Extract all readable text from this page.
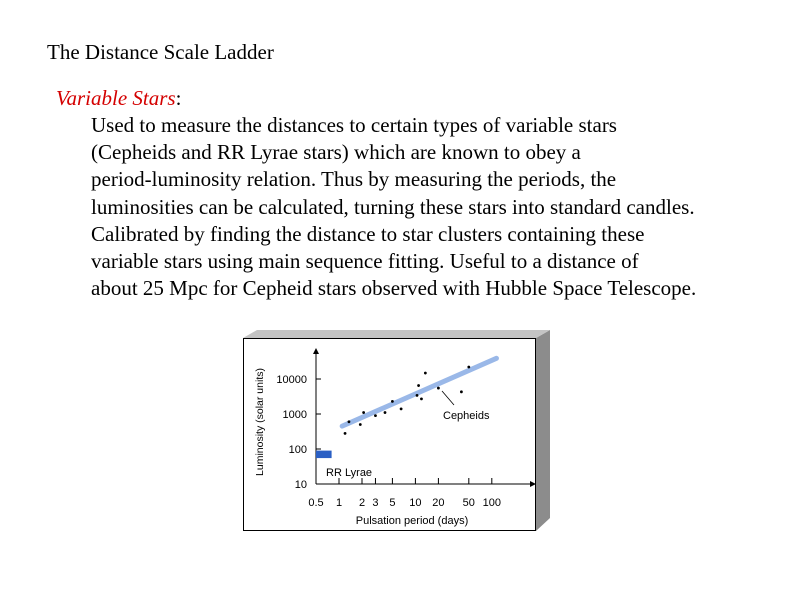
The Distance Scale Ladder
Variable Stars:
Used to measure the distances to certain types of variable stars
(Cepheids and RR Lyrae stars) which are known to obey a
period-luminosity relation. Thus by measuring the periods, the
luminosities can be calculated, turning these stars into standard candles.
Calibrated by finding the distance to star clusters containing these
variable stars using main sequence fitting. Useful to a distance of
about 25 Mpc for Cepheid stars observed with Hubble Space Telescope.
0.5 1 2 3 5 10 20 50 100
10
100
1000
10000
Pulsation period (days)
Luminosity (solar units)	Cepheids
RR Lyrae
